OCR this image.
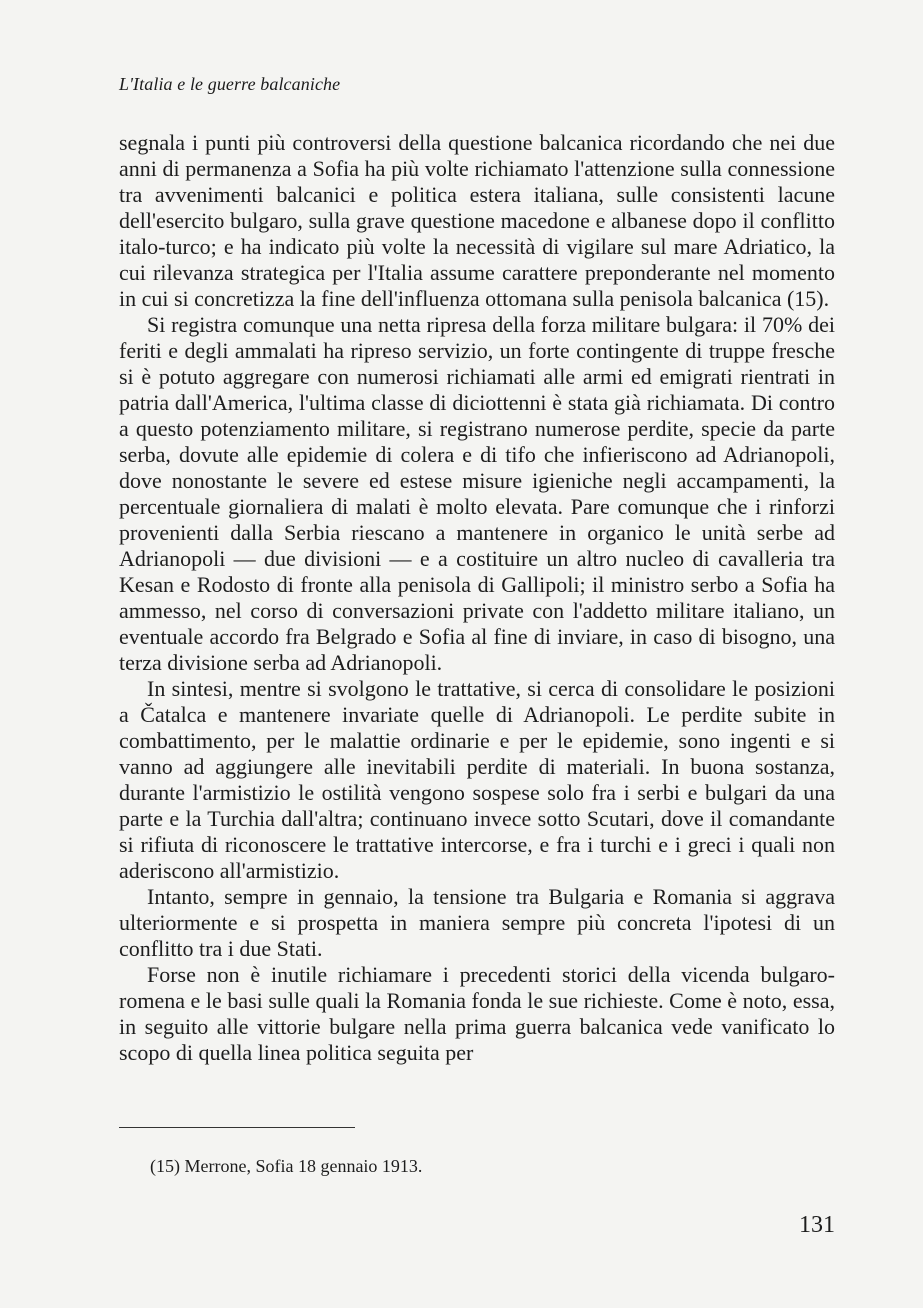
L'Italia e le guerre balcaniche

segnala i punti più controversi della questione balcanica ricordando che nei due anni di permanenza a Sofia ha più volte richiamato l'attenzione sulla connessione tra avvenimenti balcanici e politica estera italiana, sulle consistenti lacune dell'esercito bulgaro, sulla grave questione macedone e albanese dopo il conflitto italo-turco; e ha indicato più volte la necessità di vigilare sul mare Adriatico, la cui rilevanza strategica per l'Italia assume carattere preponderante nel momento in cui si concretizza la fine dell'influenza ottomana sulla penisola balcanica (15).

Si registra comunque una netta ripresa della forza militare bulgara: il 70% dei feriti e degli ammalati ha ripreso servizio, un forte contingente di truppe fresche si è potuto aggregare con numerosi richiamati alle armi ed emigrati rientrati in patria dall'America, l'ultima classe di diciottenni è stata già richiamata. Di contro a questo potenziamento militare, si registrano numerose perdite, specie da parte serba, dovute alle epidemie di colera e di tifo che infieriscono ad Adrianopoli, dove nonostante le severe ed estese misure igieniche negli accampamenti, la percentuale giornaliera di malati è molto elevata. Pare comunque che i rinforzi provenienti dalla Serbia riescano a mantenere in organico le unità serbe ad Adrianopoli — due divisioni — e a costituire un altro nucleo di cavalleria tra Kesan e Rodosto di fronte alla penisola di Gallipoli; il ministro serbo a Sofia ha ammesso, nel corso di conversazioni private con l'addetto militare italiano, un eventuale accordo fra Belgrado e Sofia al fine di inviare, in caso di bisogno, una terza divisione serba ad Adrianopoli.

In sintesi, mentre si svolgono le trattative, si cerca di consolidare le posizioni a Čatalca e mantenere invariate quelle di Adrianopoli. Le perdite subite in combattimento, per le malattie ordinarie e per le epidemie, sono ingenti e si vanno ad aggiungere alle inevitabili perdite di materiali. In buona sostanza, durante l'armistizio le ostilità vengono sospese solo fra i serbi e bulgari da una parte e la Turchia dall'altra; continuano invece sotto Scutari, dove il comandante si rifiuta di riconoscere le trattative intercorse, e fra i turchi e i greci i quali non aderiscono all'armistizio.

Intanto, sempre in gennaio, la tensione tra Bulgaria e Romania si aggrava ulteriormente e si prospetta in maniera sempre più concreta l'ipotesi di un conflitto tra i due Stati.

Forse non è inutile richiamare i precedenti storici della vicenda bulgaro-romena e le basi sulle quali la Romania fonda le sue richieste. Come è noto, essa, in seguito alle vittorie bulgare nella prima guerra balcanica vede vanificato lo scopo di quella linea politica seguita per

(15) Merrone, Sofia 18 gennaio 1913.
131
